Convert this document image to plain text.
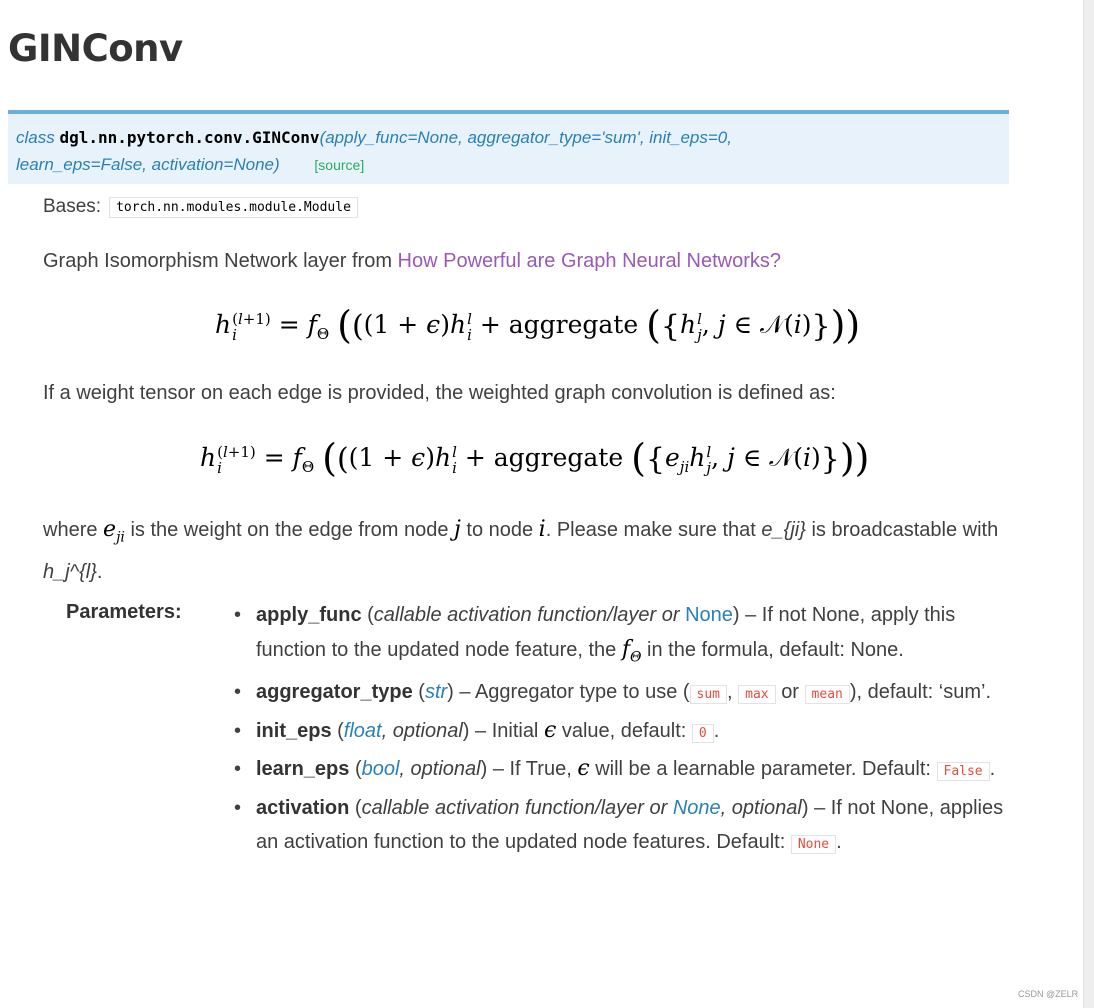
GINConv
class dgl.nn.pytorch.conv.GINConv(apply_func=None, aggregator_type='sum', init_eps=0,
learn_eps=False, activation=None) [source]
Bases:	torch.nn.modules.module.Module
Graph Isomorphism Network layer from How Powerful are Graph Neural Networks?
h (l+1)
i	= $f_\Theta$ (((1 + ϵ)h l
i + aggregate ({h l
j , j ∈ 𝒩(i)}))
If a weight tensor on each edge is provided, the weighted graph convolution is defined as:
h (l+1)
i	= $f_\Theta$ (((1 + ϵ)h l
i + aggregate ({$e_{ji}h$ l
j , j ∈ 𝒩(i)}))
where $e_{ji}$ is the weight on the edge from node j to node i. Please make sure that e_{ji} is broadcastable with h_j^{l}.
Parameters:
•	apply_func (callable activation function/layer or None) – If not None, apply this function to the updated node feature, the $f_\Theta$ in the formula, default: None.
• aggregator_type (str) – Aggregator type to use ( sum , max or mean ), default: ‘sum’.
• init_eps (float, optional) – Initial ϵ value, default: 0 .
• learn_eps (bool, optional) – If True, ϵ will be a learnable parameter. Default: False .
• activation (callable activation function/layer or None, optional) – If not None, applies an activation function to the updated node features. Default: None .
CSDN @ZELR
